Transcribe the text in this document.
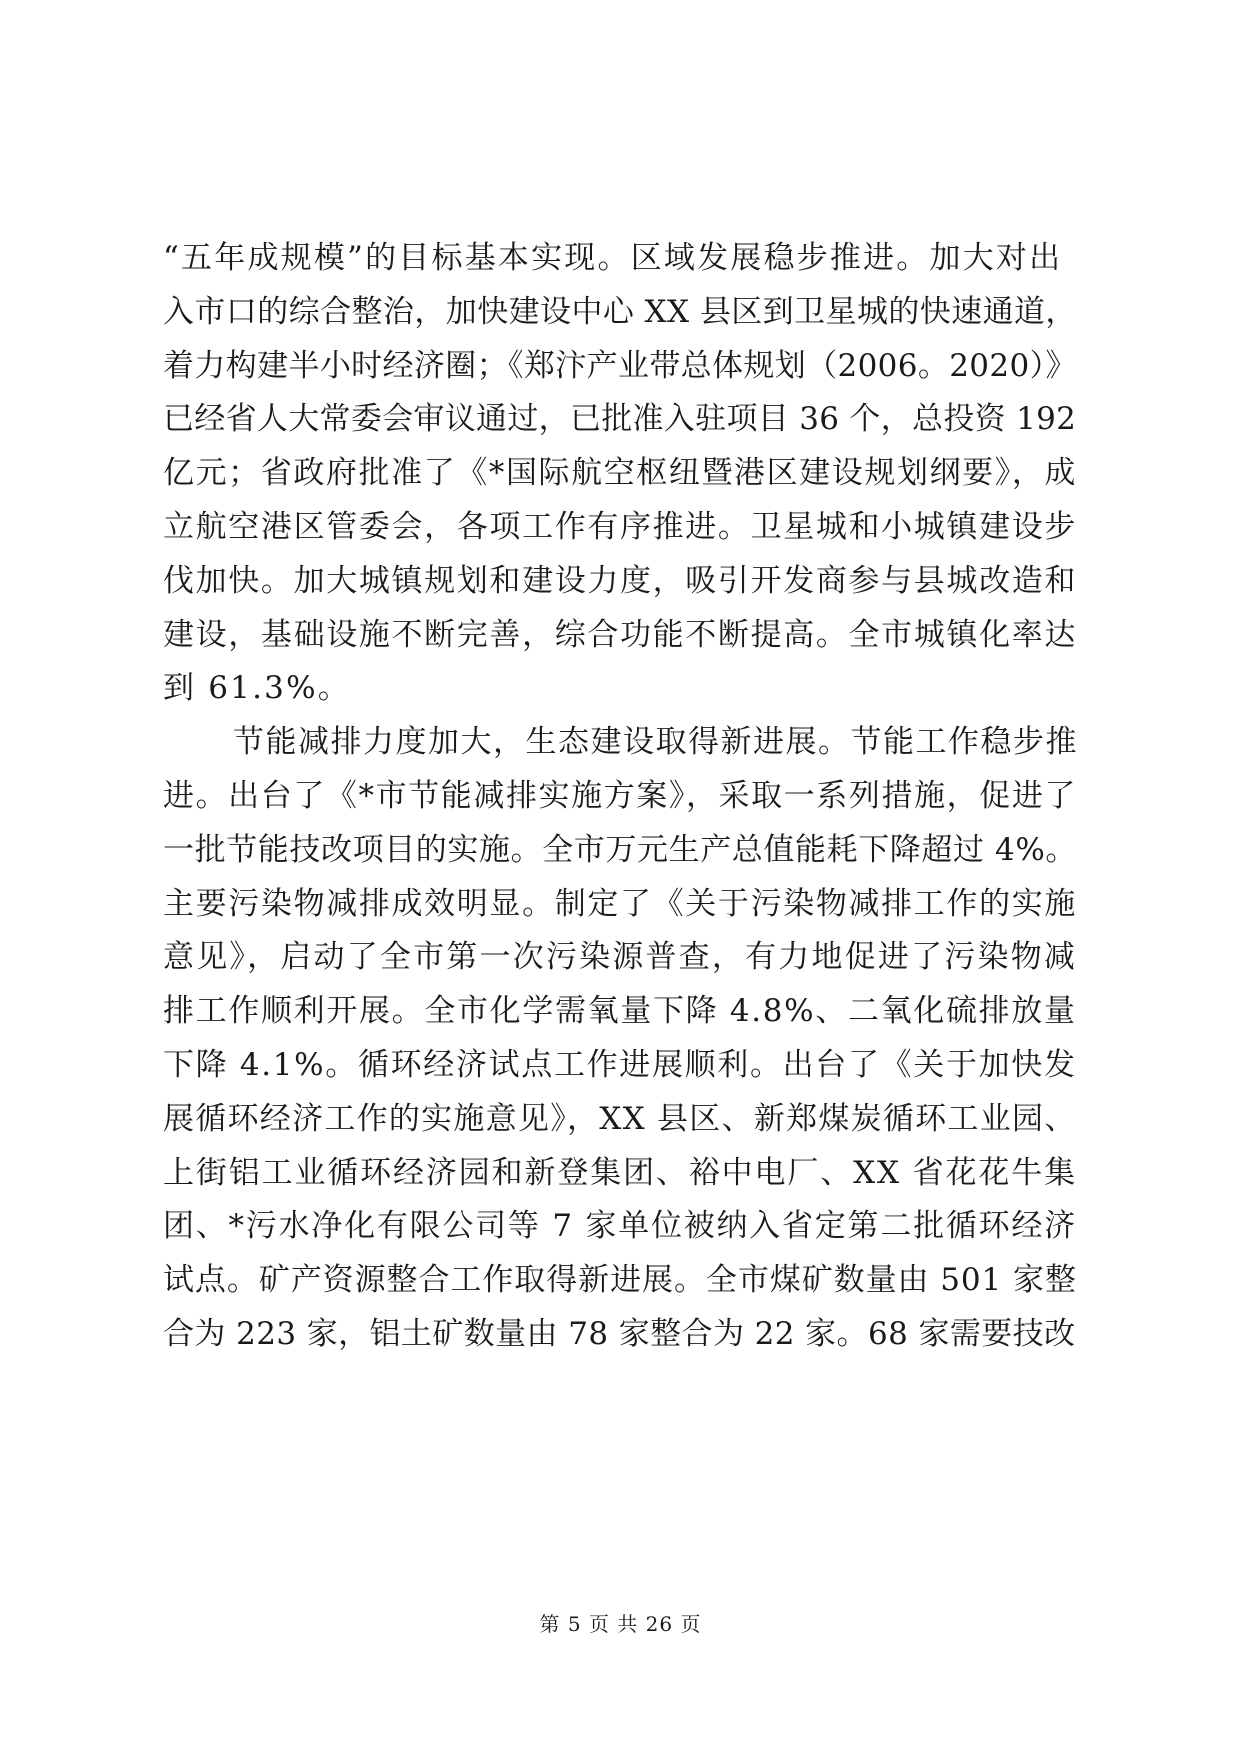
“五年成规模”的目标基本实现。区域发展稳步推进。加大对出
入市口的综合整治，加快建设中心 XX 县区到卫星城的快速通道，
着力构建半小时经济圈；《郑汴产业带总体规划（2006。2020）》
已经省人大常委会审议通过，已批准入驻项目 36 个，总投资 192
亿元；省政府批准了《*国际航空枢纽暨港区建设规划纲要》，成
立航空港区管委会，各项工作有序推进。卫星城和小城镇建设步
伐加快。加大城镇规划和建设力度，吸引开发商参与县城改造和
建设，基础设施不断完善，综合功能不断提高。全市城镇化率达
到 61.3%。
节能减排力度加大，生态建设取得新进展。节能工作稳步推
进。出台了《*市节能减排实施方案》，采取一系列措施，促进了
一批节能技改项目的实施。全市万元生产总值能耗下降超过 4%。
主要污染物减排成效明显。制定了《关于污染物减排工作的实施
意见》，启动了全市第一次污染源普查，有力地促进了污染物减
排工作顺利开展。全市化学需氧量下降 4.8%、二氧化硫排放量
下降 4.1%。循环经济试点工作进展顺利。出台了《关于加快发
展循环经济工作的实施意见》，XX 县区、新郑煤炭循环工业园、
上街铝工业循环经济园和新登集团、裕中电厂、XX 省花花牛集
团、*污水净化有限公司等 7 家单位被纳入省定第二批循环经济
试点。矿产资源整合工作取得新进展。全市煤矿数量由 501 家整
合为 223 家，铝土矿数量由 78 家整合为 22 家。68 家需要技改
第 5 页 共 26 页
